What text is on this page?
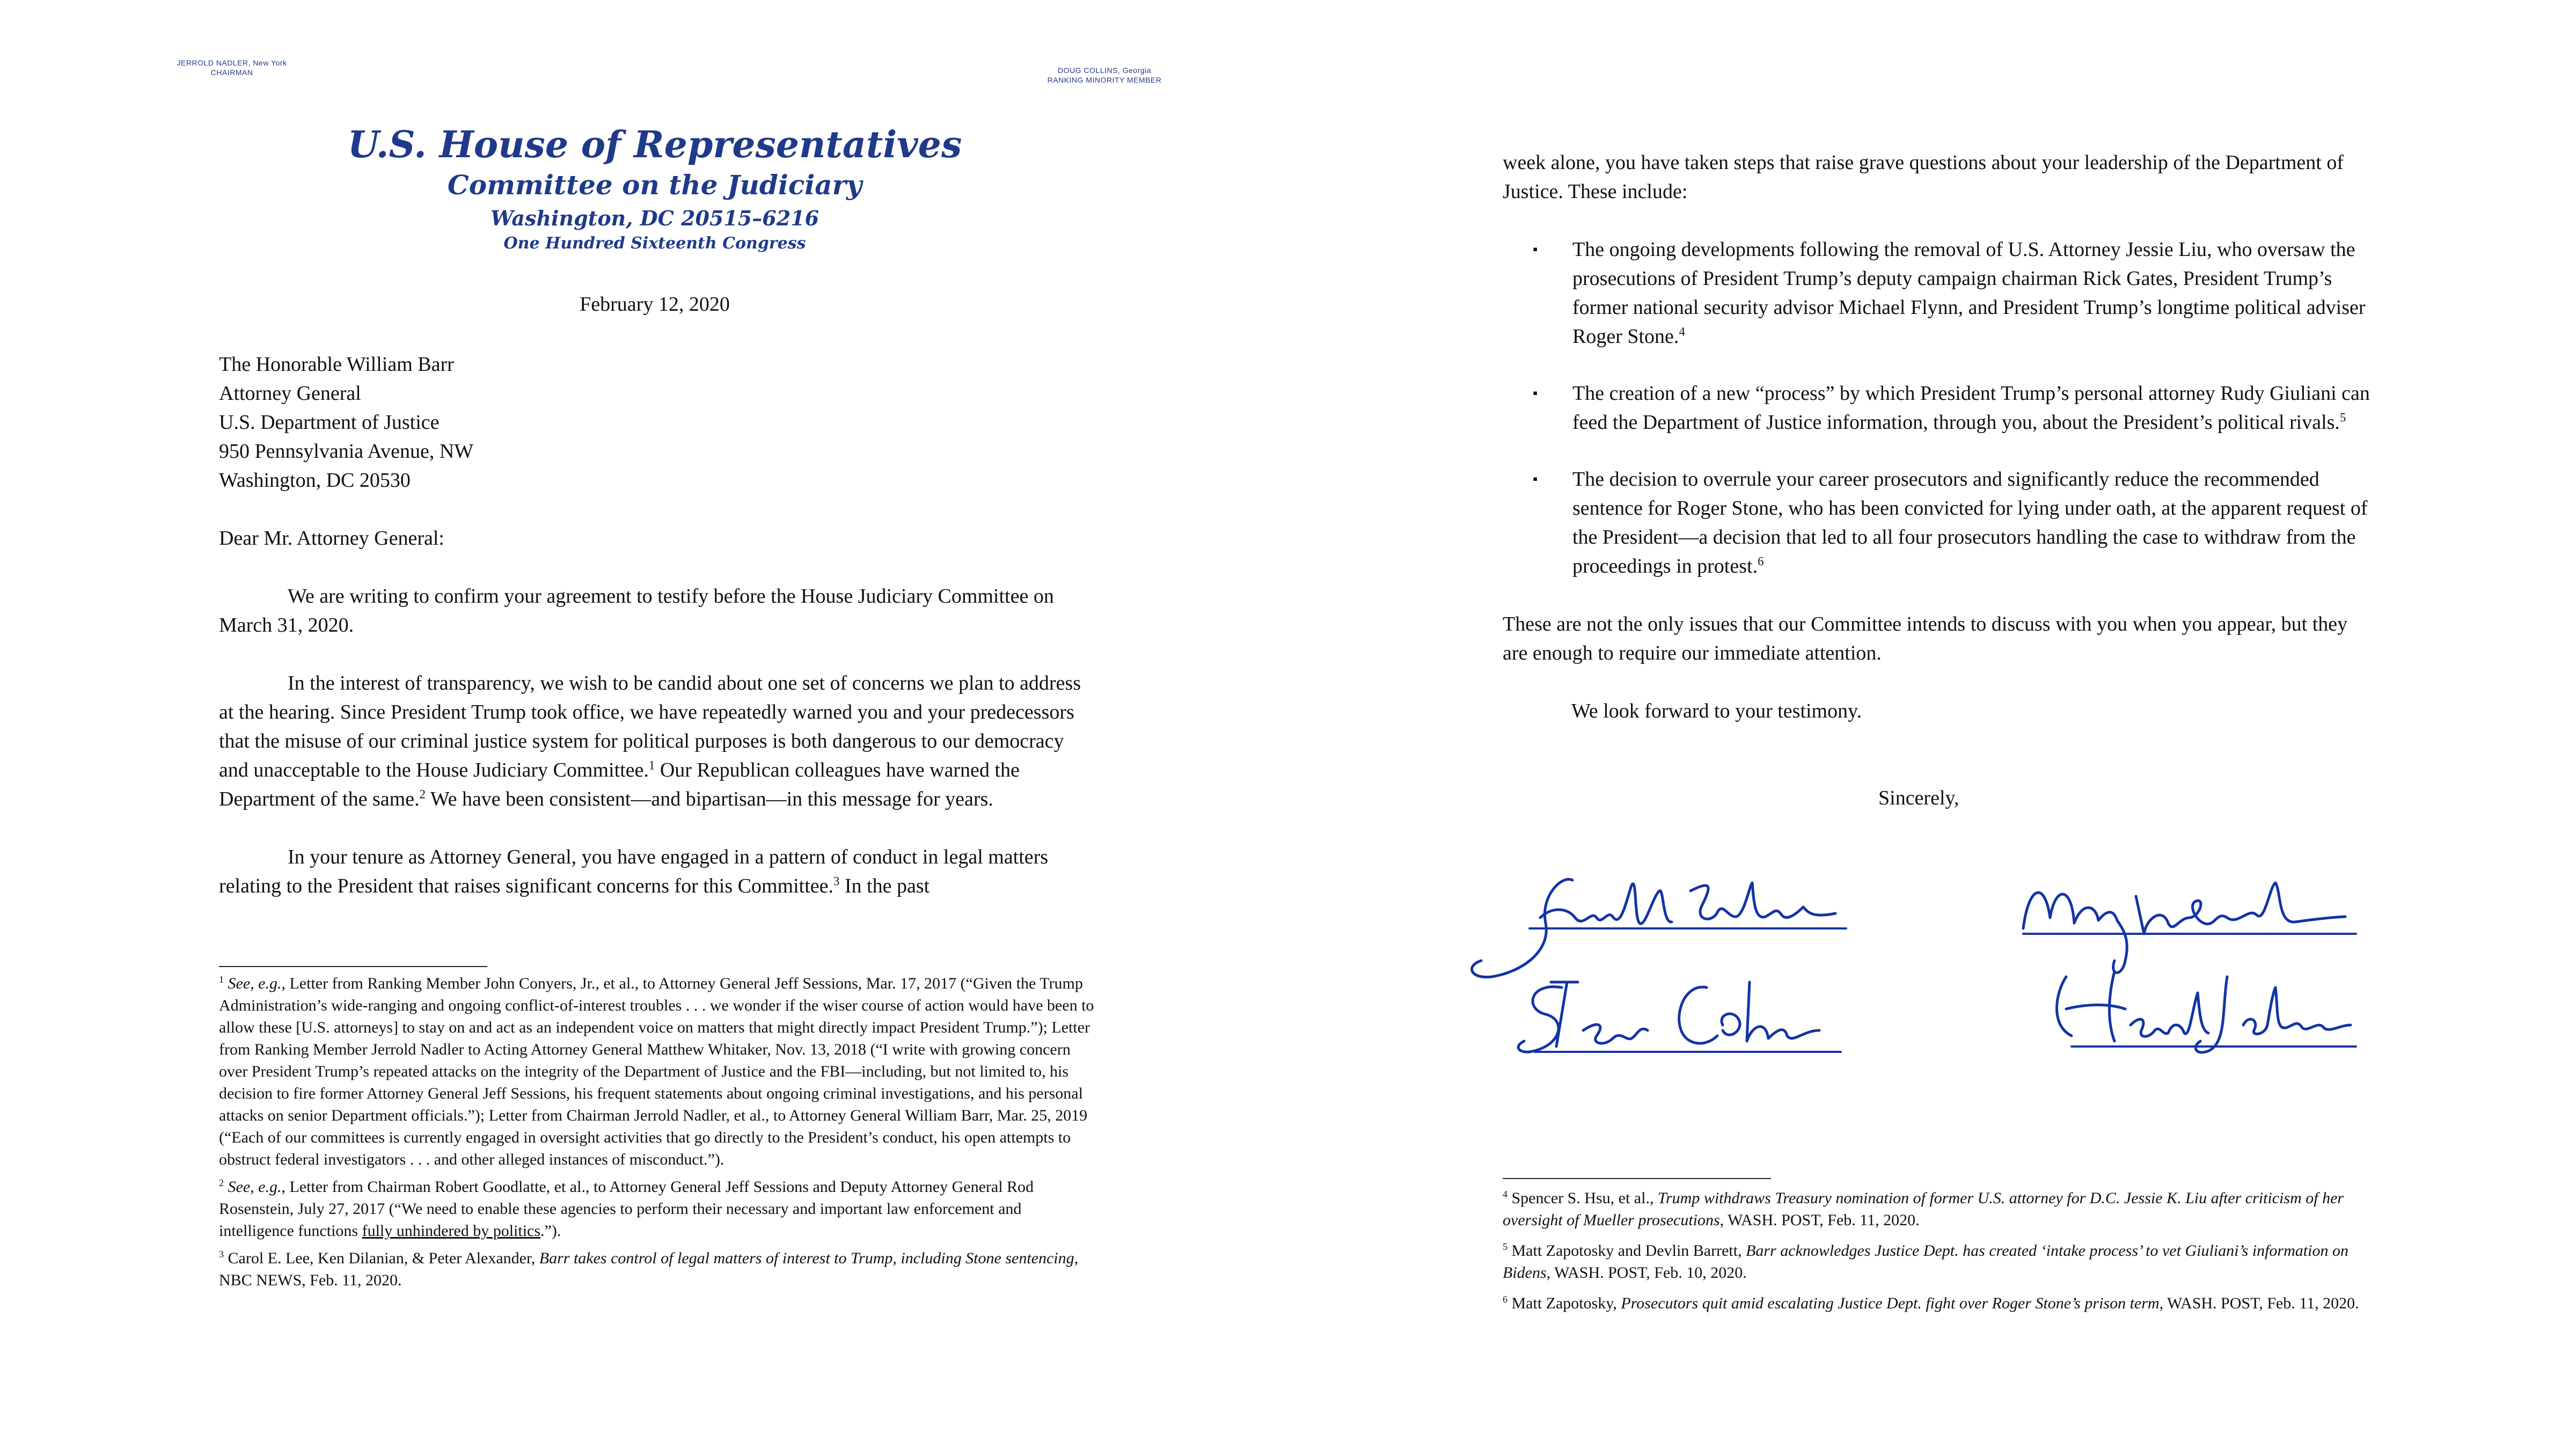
JERROLD NADLER, New York
CHAIRMAN	DOUG COLLINS, Georgia
RANKING MINORITY MEMBER
U.S. House of Representatives
Committee on the Judiciary
Washington, DC 20515–6216
One Hundred Sixteenth Congress
February 12, 2020
The Honorable William Barr
Attorney General
U.S. Department of Justice
950 Pennsylvania Avenue, NW
Washington, DC 20530
Dear Mr. Attorney General:

We are writing to confirm your agreement to testify before the House Judiciary Committee on March 31, 2020.

In the interest of transparency, we wish to be candid about one set of concerns we plan to address at the hearing. Since President Trump took office, we have repeatedly warned you and your predecessors that the misuse of our criminal justice system for political purposes is both dangerous to our democracy and unacceptable to the House Judiciary Committee.$^1$ Our Republican colleagues have warned the Department of the same.$^2$ We have been consistent—and bipartisan—in this message for years.

In your tenure as Attorney General, you have engaged in a pattern of conduct in legal matters relating to the President that raises significant concerns for this Committee.$^3$ In the past

$^1$ See, e.g., Letter from Ranking Member John Conyers, Jr., et al., to Attorney General Jeff Sessions, Mar. 17, 2017 (“Given the Trump Administration’s wide-ranging and ongoing conflict-of-interest troubles . . . we wonder if the wiser course of action would have been to allow these [U.S. attorneys] to stay on and act as an independent voice on matters that might directly impact President Trump.”); Letter from Ranking Member Jerrold Nadler to Acting Attorney General Matthew Whitaker, Nov. 13, 2018 (“I write with growing concern over President Trump’s repeated attacks on the integrity of the Department of Justice and the FBI—including, but not limited to, his decision to fire former Attorney General Jeff Sessions, his frequent statements about ongoing criminal investigations, and his personal attacks on senior Department officials.”); Letter from Chairman Jerrold Nadler, et al., to Attorney General William Barr, Mar. 25, 2019 (“Each of our committees is currently engaged in oversight activities that go directly to the President’s conduct, his open attempts to obstruct federal investigators . . . and other alleged instances of misconduct.”).

$^2$ See, e.g., Letter from Chairman Robert Goodlatte, et al., to Attorney General Jeff Sessions and Deputy Attorney General Rod Rosenstein, July 27, 2017 (“We need to enable these agencies to perform their necessary and important law enforcement and intelligence functions fully unhindered by politics.”).

$^3$ Carol E. Lee, Ken Dilanian, & Peter Alexander, Barr takes control of legal matters of interest to Trump, including Stone sentencing, NBC NEWS, Feb. 11, 2020.

week alone, you have taken steps that raise grave questions about your leadership of the Department of Justice. These include:

▪ The ongoing developments following the removal of U.S. Attorney Jessie Liu, who oversaw the prosecutions of President Trump’s deputy campaign chairman Rick Gates, President Trump’s former national security advisor Michael Flynn, and President Trump’s longtime political adviser Roger Stone.$^4$
▪ The creation of a new “process” by which President Trump’s personal attorney Rudy Giuliani can feed the Department of Justice information, through you, about the President’s political rivals.$^5$
▪ The decision to overrule your career prosecutors and significantly reduce the recommended sentence for Roger Stone, who has been convicted for lying under oath, at the apparent request of the President—a decision that led to all four prosecutors handling the case to withdraw from the proceedings in protest.$^6$

These are not the only issues that our Committee intends to discuss with you when you appear, but they are enough to require our immediate attention.

We look forward to your testimony.

Sincerely,

$^4$ Spencer S. Hsu, et al., Trump withdraws Treasury nomination of former U.S. attorney for D.C. Jessie K. Liu after criticism of her oversight of Mueller prosecutions, WASH. POST, Feb. 11, 2020.

$^5$ Matt Zapotosky and Devlin Barrett, Barr acknowledges Justice Dept. has created ‘intake process’ to vet Giuliani’s information on Bidens, WASH. POST, Feb. 10, 2020.

$^6$ Matt Zapotosky, Prosecutors quit amid escalating Justice Dept. fight over Roger Stone’s prison term, WASH. POST, Feb. 11, 2020.
